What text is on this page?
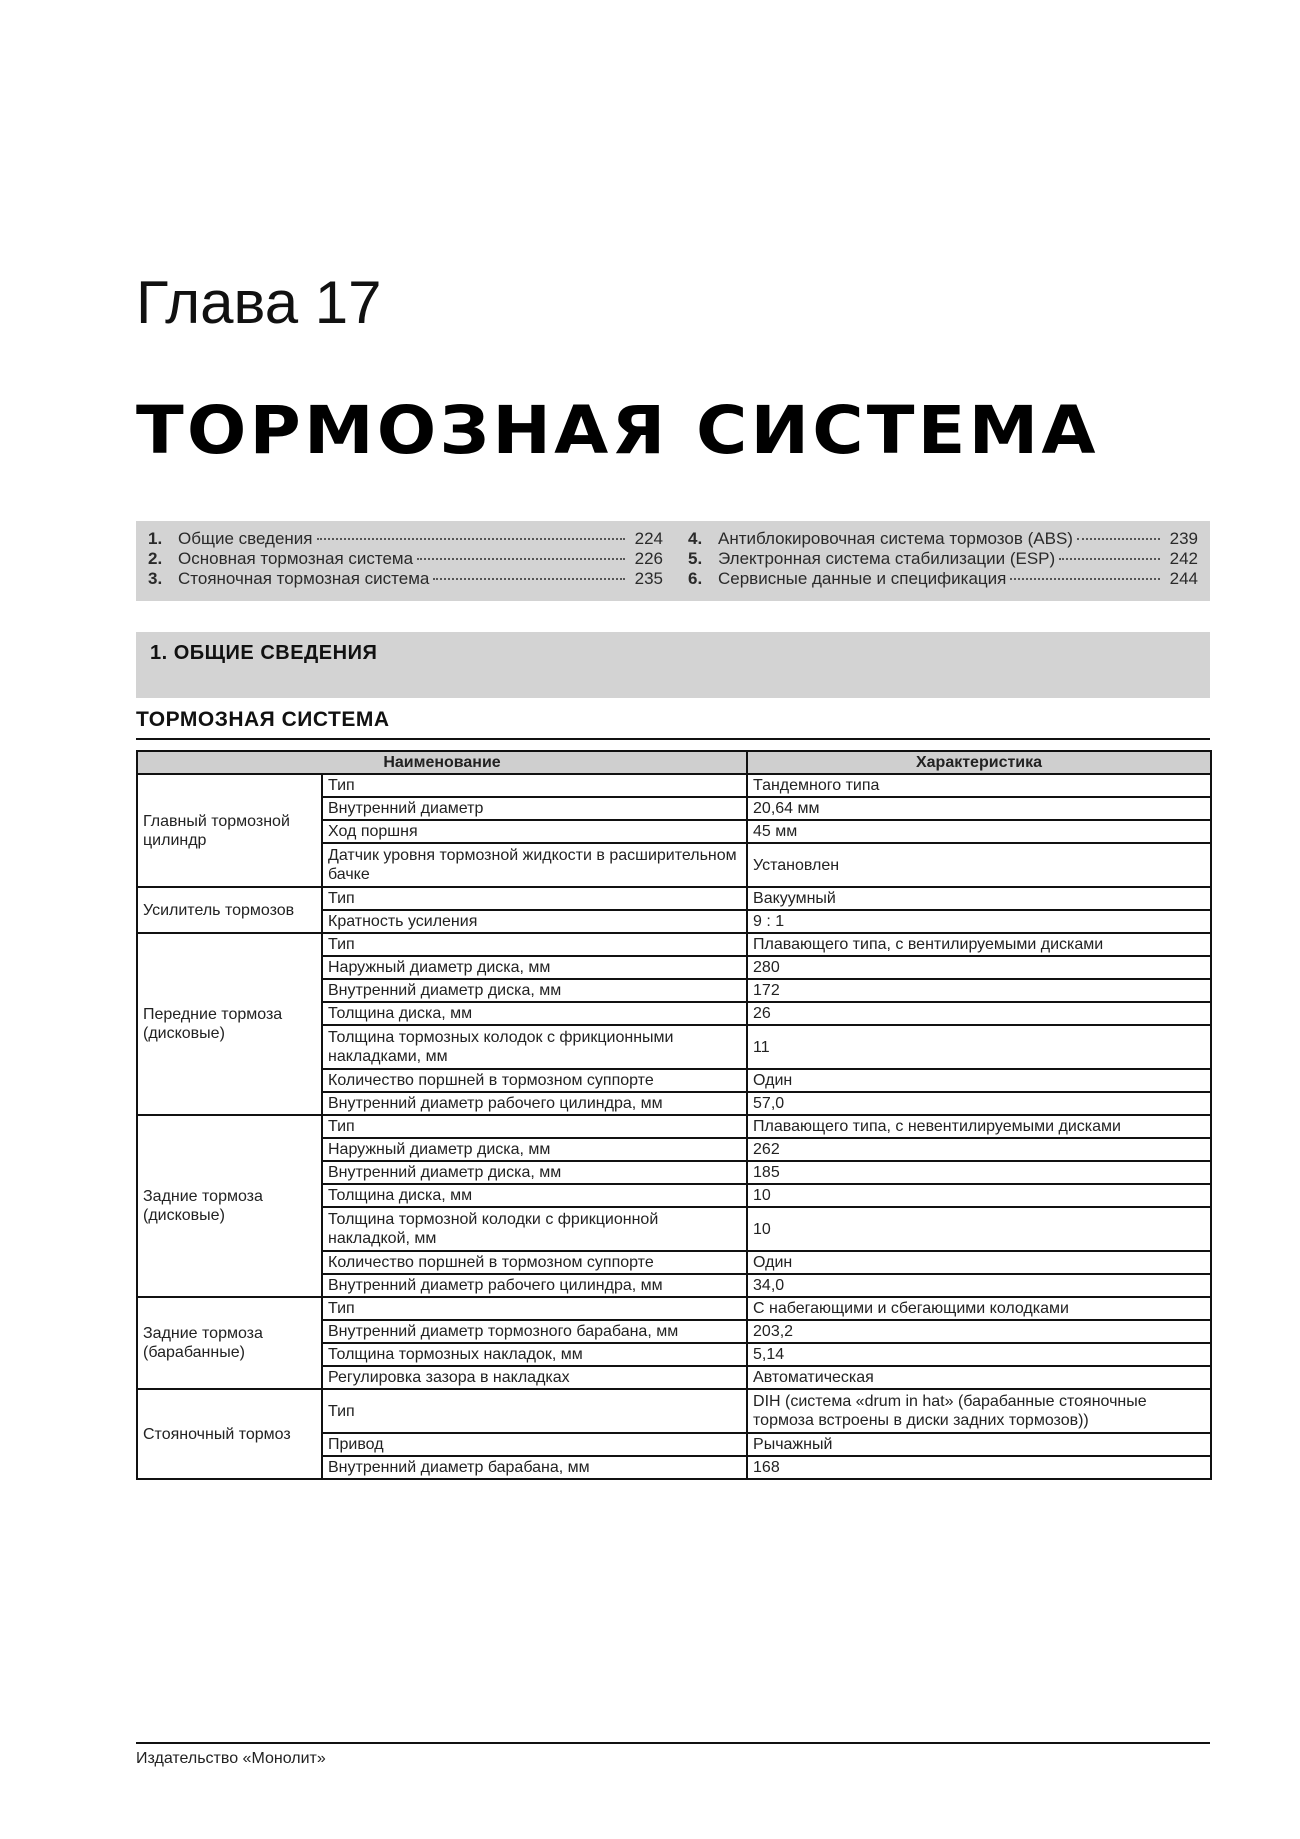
Глава 17
ТОРМОЗНАЯ СИСТЕМА
1. Общие сведения	224
2. Основная тормозная система	226
3. Стояночная тормозная система	235
4. Антиблокировочная система тормозов (ABS)	239
5. Электронная система стабилизации (ESP)	242
6. Сервисные данные и спецификация	244
1. ОБЩИЕ СВЕДЕНИЯ
ТОРМОЗНАЯ СИСТЕМА
Наименование		Характеристика
Главный тормозной цилиндр	Тип	Тандемного типа
	Внутренний диаметр	20,64 мм
	Ход поршня	45 мм
	Датчик уровня тормозной жидкости в расширительном бачке	Установлен
Усилитель тормозов	Тип	Вакуумный
	Кратность усиления	9 : 1
Передние тормоза (дисковые)	Тип	Плавающего типа, с вентилируемыми дисками
	Наружный диаметр диска, мм	280
	Внутренний диаметр диска, мм	172
	Толщина диска, мм	26
	Толщина тормозных колодок с фрикционными накладками, мм	11
	Количество поршней в тормозном суппорте	Один
	Внутренний диаметр рабочего цилиндра, мм	57,0
Задние тормоза (дисковые)	Тип	Плавающего типа, с невентилируемыми дисками
	Наружный диаметр диска, мм	262
	Внутренний диаметр диска, мм	185
	Толщина диска, мм	10
	Толщина тормозной колодки с фрикционной накладкой, мм	10
	Количество поршней в тормозном суппорте	Один
	Внутренний диаметр рабочего цилиндра, мм	34,0
Задние тормоза (барабанные)	Тип	С набегающими и сбегающими колодками
	Внутренний диаметр тормозного барабана, мм	203,2
	Толщина тормозных накладок, мм	5,14
	Регулировка зазора в накладках	Автоматическая
Стояночный тормоз	Тип	DIH (система «drum in hat» (барабанные стояночные тормоза встроены в диски задних тормозов))
	Привод	Рычажный
	Внутренний диаметр барабана, мм	168
Издательство «Монолит»
